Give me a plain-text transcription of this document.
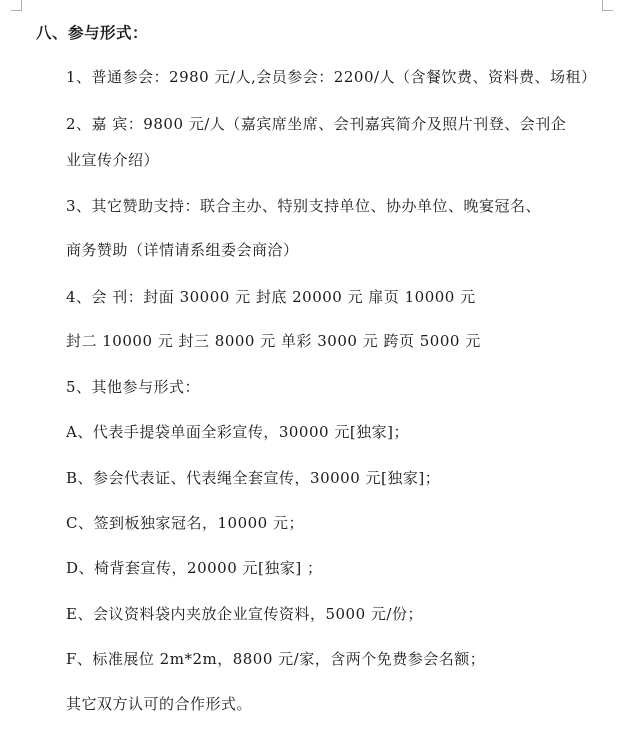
八、参与形式：
1、普通参会：2980 元/人,会员参会：2200/人（含餐饮费、资料费、场租）
2、嘉 宾：9800 元/人（嘉宾席坐席、会刊嘉宾简介及照片刊登、会刊企
业宣传介绍）
3、其它赞助支持：联合主办、特别支持单位、协办单位、晚宴冠名、
商务赞助（详情请系组委会商洽）
4、会 刊：封面 30000 元 封底 20000 元 扉页 10000 元
封二 10000 元 封三 8000 元 单彩 3000 元 跨页 5000 元
5、其他参与形式：
A、代表手提袋单面全彩宣传，30000 元[独家]；
B、参会代表证、代表绳全套宣传，30000 元[独家]；
C、签到板独家冠名，10000 元；
D、椅背套宣传，20000 元[独家] ；
E、会议资料袋内夹放企业宣传资料，5000 元/份；
F、标准展位 2m*2m，8800 元/家，含两个免费参会名额；
其它双方认可的合作形式。
